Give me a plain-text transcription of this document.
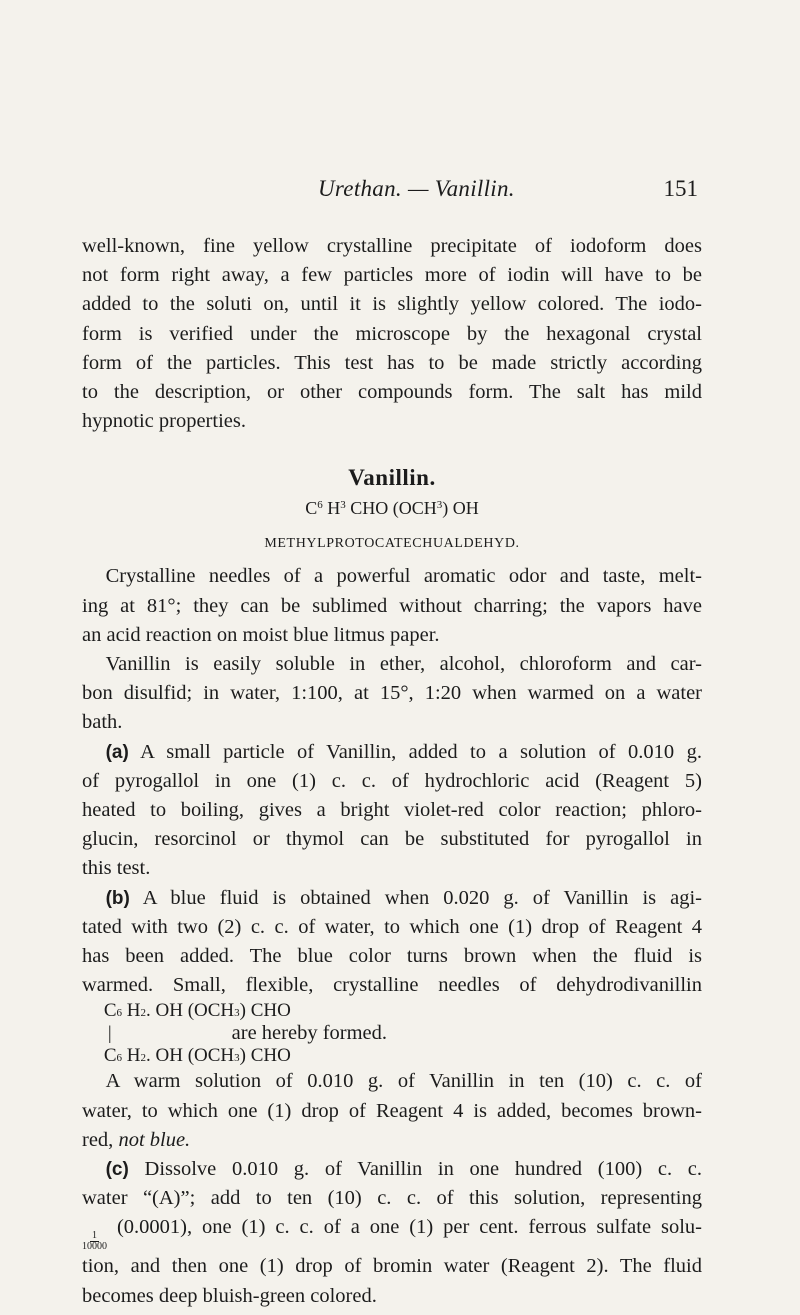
Urethan. — Vanillin.	151

well-known, fine yellow crystalline precipitate of iodoform does
not form right away, a few particles more of iodin will have to be
added to the soluti on, until it is slightly yellow colored. The iodo-
form is verified under the microscope by the hexagonal crystal
form of the particles. This test has to be made strictly according
to the description, or other compounds form. The salt has mild
hypnotic properties.

Vanillin.
$C^6$ $H^3$ CHO (OCH$^3$) OH
METHYLPROTOCATECHUALDEHYD.

Crystalline needles of a powerful aromatic odor and taste, melt-
ing at 81°; they can be sublimed without charring; the vapors have
an acid reaction on moist blue litmus paper.

Vanillin is easily soluble in ether, alcohol, chloroform and car-
bon disulfid; in water, 1:100, at 15°, 1:20 when warmed on a water
bath.

(a) A small particle of Vanillin, added to a solution of 0.010 g.
of pyrogallol in one (1) c. c. of hydrochloric acid (Reagent 5)
heated to boiling, gives a bright violet-red color reaction; phloro-
glucin, resorcinol or thymol can be substituted for pyrogallol in
this test.

(b) A blue fluid is obtained when 0.020 g. of Vanillin is agi-
tated with two (2) c. c. of water, to which one (1) drop of Reagent 4
has been added. The blue color turns brown when the fluid is
warmed. Small, flexible, crystalline needles of dehydrodivanillin

C 6
H 2 . OH (OCH 3 ) CHO
|	are hereby formed.
C 6
H 2 . OH (OCH 3 ) CHO

A warm solution of 0.010 g. of Vanillin in ten (10) c. c. of
water, to which one (1) drop of Reagent 4 is added, becomes brown-
red, not blue.

(c) Dissolve 0.010 g. of Vanillin in one hundred (100) c. c.
water “(A)”; add to ten (10) c. c. of this solution, representing
$\frac{1}{10000}$
(0.0001), one (1) c. c. of a one (1) per cent. ferrous sulfate solu-
tion, and then one (1) drop of bromin water (Reagent 2). The fluid
becomes deep bluish-green colored.
